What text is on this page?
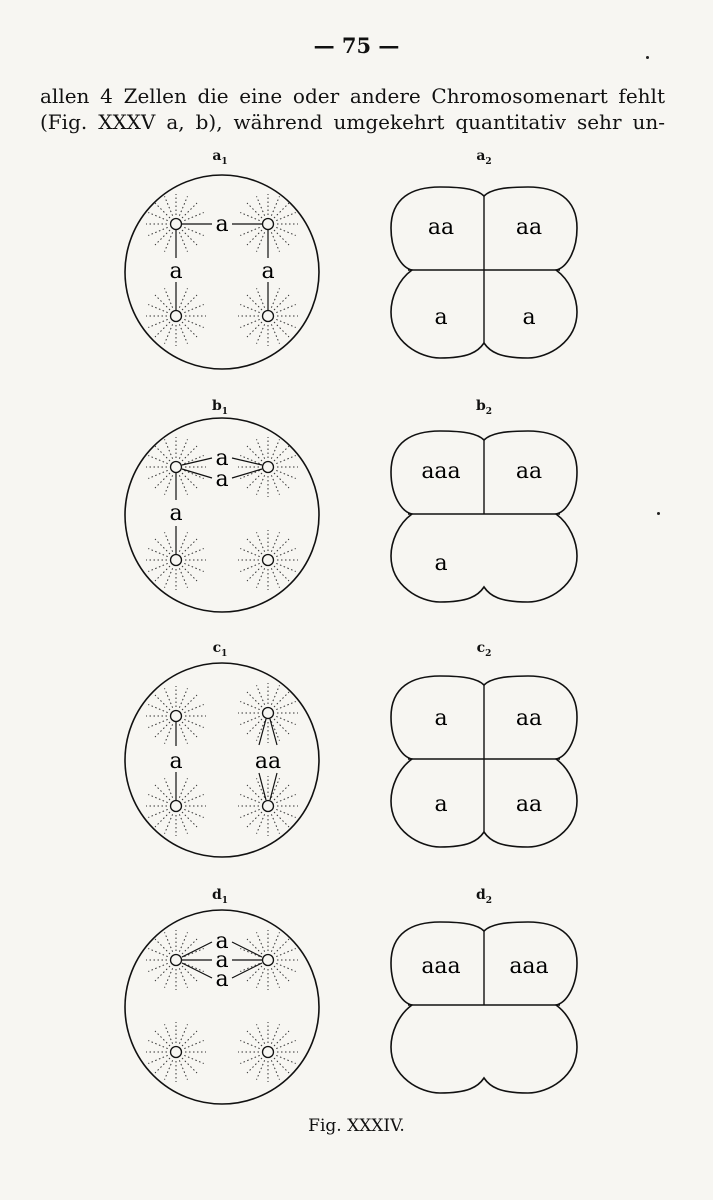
— 75 —
allen 4 Zellen die eine oder andere Chromosomenart fehlt
(Fig. XXXV a, b), während umgekehrt quantitativ sehr un-
$a_1$	$a_2$
$b_1$	$b_2$
$c_1$	$c_2$
$d_1$	$d_2$
a
a	a
aa	aa
a	a
a
a
a
aaa	aa
a
a	aa
a	aa
a	aa
a
a
a
aaa aaa
Fig. XXXIV.
